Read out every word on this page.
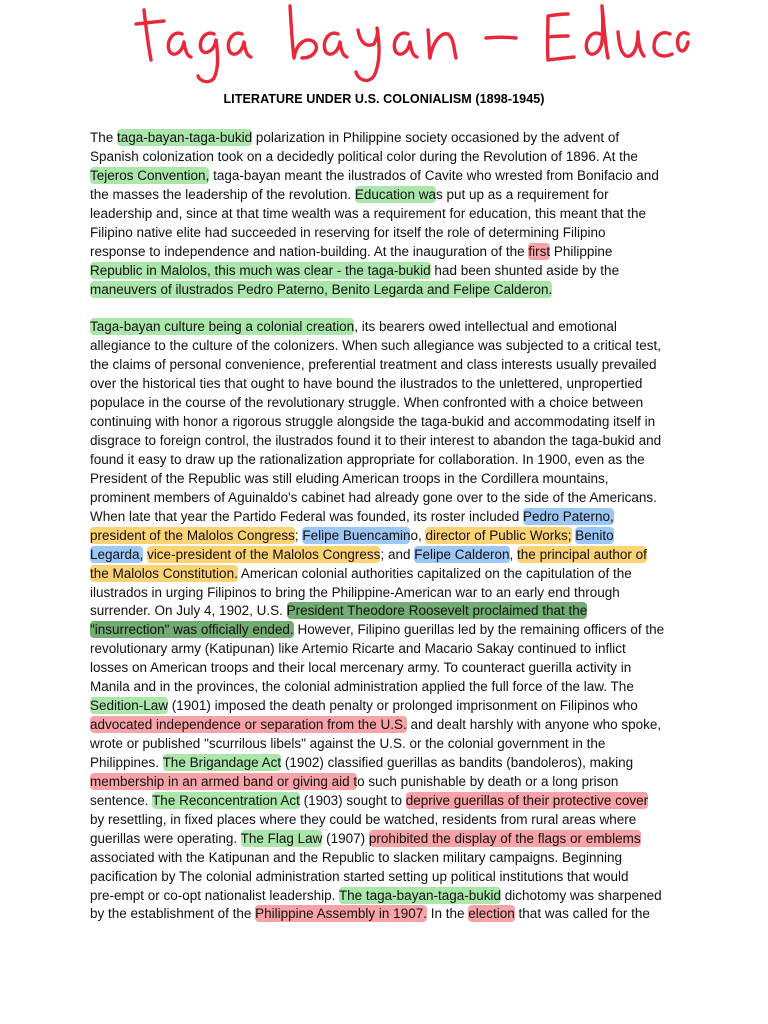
LITERATURE UNDER U.S. COLONIALISM (1898-1945)
The taga-bayan-taga-bukid polarization in Philippine society occasioned by the advent of
Spanish colonization took on a decidedly political color during the Revolution of 1896. At the
Tejeros Convention, taga-bayan meant the ilustrados of Cavite who wrested from Bonifacio and
the masses the leadership of the revolution. Education was put up as a requirement for
leadership and, since at that time wealth was a requirement for education, this meant that the
Filipino native elite had succeeded in reserving for itself the role of determining Filipino
response to independence and nation-building. At the inauguration of the first Philippine
Republic in Malolos, this much was clear - the taga-bukid had been shunted aside by the
maneuvers of ilustrados Pedro Paterno, Benito Legarda and Felipe Calderon.
Taga-bayan culture being a colonial creation, its bearers owed intellectual and emotional
allegiance to the culture of the colonizers. When such allegiance was subjected to a critical test,
the claims of personal convenience, preferential treatment and class interests usually prevailed
over the historical ties that ought to have bound the ilustrados to the unlettered, unpropertied
populace in the course of the revolutionary struggle. When confronted with a choice between
continuing with honor a rigorous struggle alongside the taga-bukid and accommodating itself in
disgrace to foreign control, the ilustrados found it to their interest to abandon the taga-bukid and
found it easy to draw up the rationalization appropriate for collaboration. In 1900, even as the
President of the Republic was still eluding American troops in the Cordillera mountains,
prominent members of Aguinaldo's cabinet had already gone over to the side of the Americans.
When late that year the Partido Federal was founded, its roster included Pedro Paterno,
president of the Malolos Congress; Felipe Buencamino, director of Public Works; Benito
Legarda, vice-president of the Malolos Congress; and Felipe Calderon, the principal author of
the Malolos Constitution. American colonial authorities capitalized on the capitulation of the
ilustrados in urging Filipinos to bring the Philippine-American war to an early end through
surrender. On July 4, 1902, U.S. President Theodore Roosevelt proclaimed that the
"insurrection" was officially ended. However, Filipino guerillas led by the remaining officers of the
revolutionary army (Katipunan) like Artemio Ricarte and Macario Sakay continued to inflict
losses on American troops and their local mercenary army. To counteract guerilla activity in
Manila and in the provinces, the colonial administration applied the full force of the law. The
Sedition-Law (1901) imposed the death penalty or prolonged imprisonment on Filipinos who
advocated independence or separation from the U.S. and dealt harshly with anyone who spoke,
wrote or published "scurrilous libels" against the U.S. or the colonial government in the
Philippines. The Brigandage Act (1902) classified guerillas as bandits (bandoleros), making
membership in an armed band or giving aid to such punishable by death or a long prison
sentence. The Reconcentration Act (1903) sought to deprive guerillas of their protective cover
by resettling, in fixed places where they could be watched, residents from rural areas where
guerillas were operating. The Flag Law (1907) prohibited the display of the flags or emblems
associated with the Katipunan and the Republic to slacken military campaigns. Beginning
pacification by The colonial administration started setting up political institutions that would
pre-empt or co-opt nationalist leadership. The taga-bayan-taga-bukid dichotomy was sharpened
by the establishment of the Philippine Assembly in 1907. In the election that was called for the
